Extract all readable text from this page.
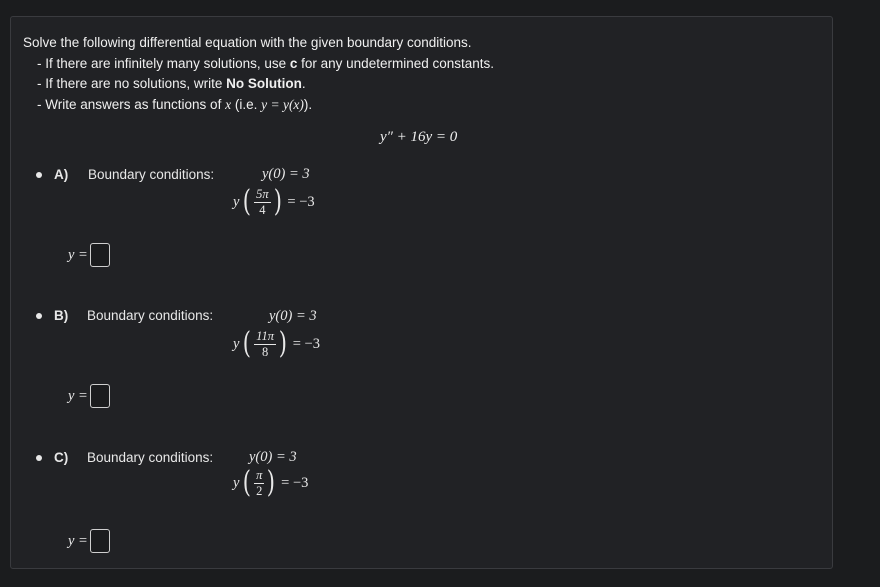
Solve the following differential equation with the given boundary conditions.
- If there are infinitely many solutions, use c for any undetermined constants.
- If there are no solutions, write No Solution.
- Write answers as functions of x (i.e. y = y(x)).
y″ + 16y = 0
A) Boundary conditions:	y(0) = 3
y ( $\frac{5\pi}{4}$ ) = −3
y =
B) Boundary conditions:	y(0) = 3
y ( $\frac{11\pi}{8}$ ) = −3
y =
C) Boundary conditions: y(0) = 3
y ( $\frac{\pi}{2}$ ) = −3
y =
